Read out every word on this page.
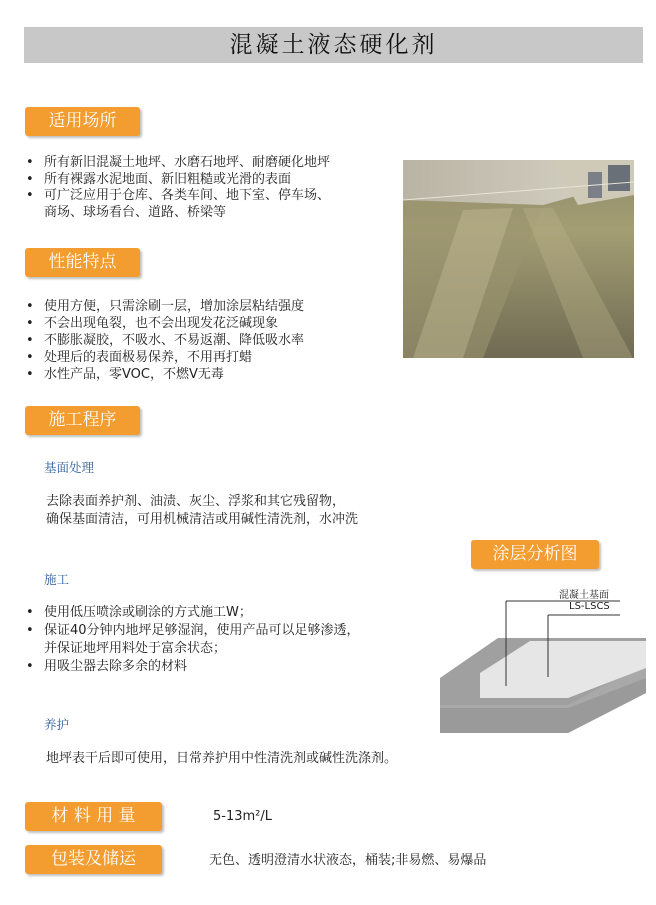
混凝土液态硬化剂
适用场所
• 所有新旧混凝土地坪、水磨石地坪、耐磨硬化地坪
• 所有裸露水泥地面、新旧粗糙或光滑的表面
• 可广泛应用于仓库、各类车间、地下室、停车场、
商场、球场看台、道路、桥梁等
性能特点
• 使用方便，只需涂刷一层，增加涂层粘结强度
• 不会出现龟裂，也不会出现发花泛碱现象
• 不膨胀凝胶，不吸水、不易返潮、降低吸水率
• 处理后的表面极易保养，不用再打蜡
• 水性产品，零VOC，不燃V无毒
施工程序
基面处理
去除表面养护剂、油渍、灰尘、浮浆和其它残留物，
确保基面清洁，可用机械清洁或用碱性清洗剂，水冲洗
施工
• 使用低压喷涂或刷涂的方式施工W；
• 保证40分钟内地坪足够湿润，使用产品可以足够渗透，
并保证地坪用料处于富余状态；
• 用吸尘器去除多余的材料
养护
地坪表干后即可使用，日常养护用中性清洗剂或碱性洗涤剂。
涂层分析图
混凝土基面
LS-LSCS
材 料 用 量	5-13m²/L
包装及储运	无色、透明澄清水状液态，桶装;非易燃、易爆品
